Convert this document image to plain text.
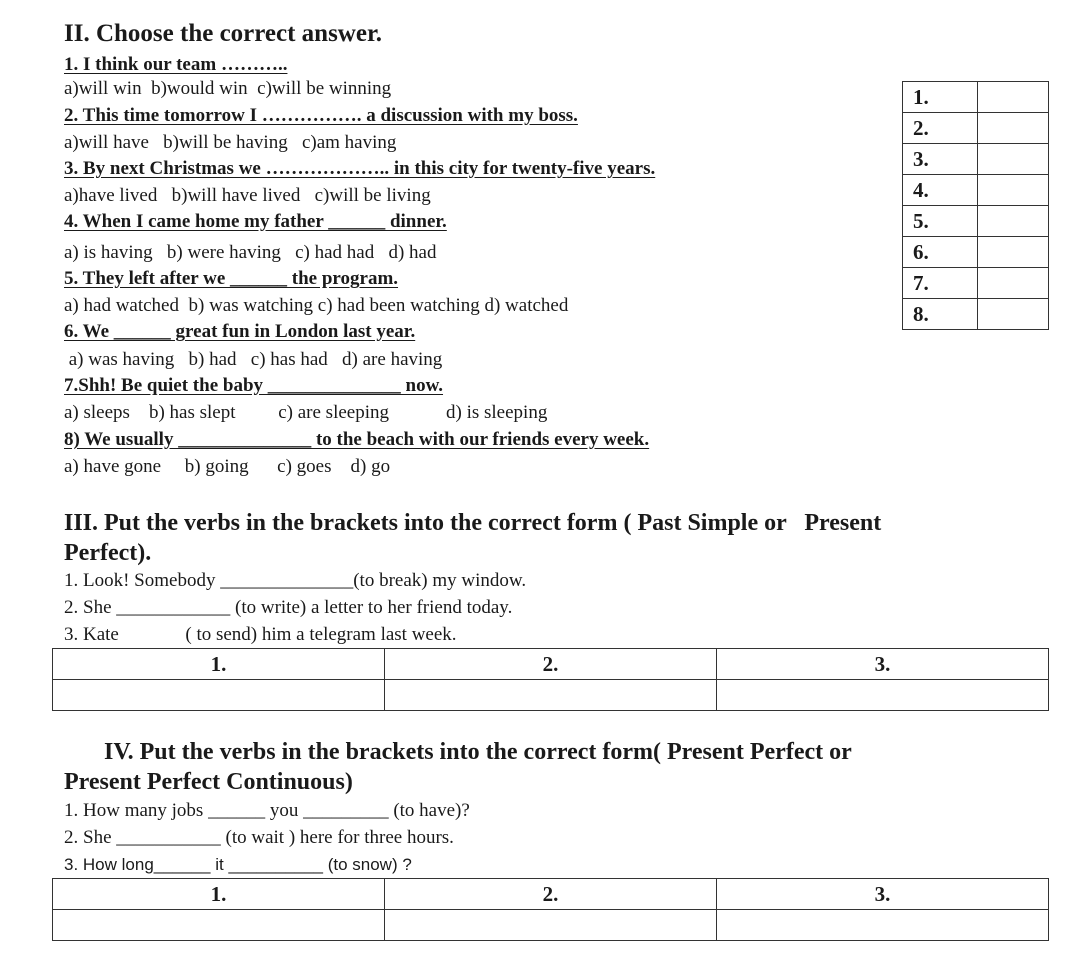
II. Choose the correct answer.
1. I think our team ………..
a)will win  b)would win  c)will be winning
2. This time tomorrow I ……………. a discussion with my boss.
a)will have   b)will be having   c)am having
3. By next Christmas we ……………….. in this city for twenty-five years.
a)have lived   b)will have lived   c)will be living
4. When I came home my father ______ dinner.
a) is having   b) were having   c) had had   d) had
5. They left after we ______ the program.
a) had watched  b) was watching c) had been watching d) watched
6. We ______ great fun in London last year.
a) was having   b) had   c) has had   d) are having
7.Shh! Be quiet the baby ______________ now.
a) sleeps    b) has slept         c) are sleeping            d) is sleeping
8) We usually ______________ to the beach with our friends every week.
a) have gone     b) going      c) goes    d) go
1.	
2.	
3.	
4.	
5.	
6.	
7.	
8.	
III. Put the verbs in the brackets into the correct form ( Past Simple or   Present
Perfect).
1. Look! Somebody ______________(to break) my window.
2. She ____________ (to write) a letter to her friend today.
3. Kate              ( to send) him a telegram last week.
1.	2.	3.

IV. Put the verbs in the brackets into the correct form( Present Perfect or
Present Perfect Continuous)
1. How many jobs ______ you _________ (to have)?
2. She ___________ (to wait ) here for three hours.
3. How long______ it __________ (to snow) ?
1.	2.	3.
